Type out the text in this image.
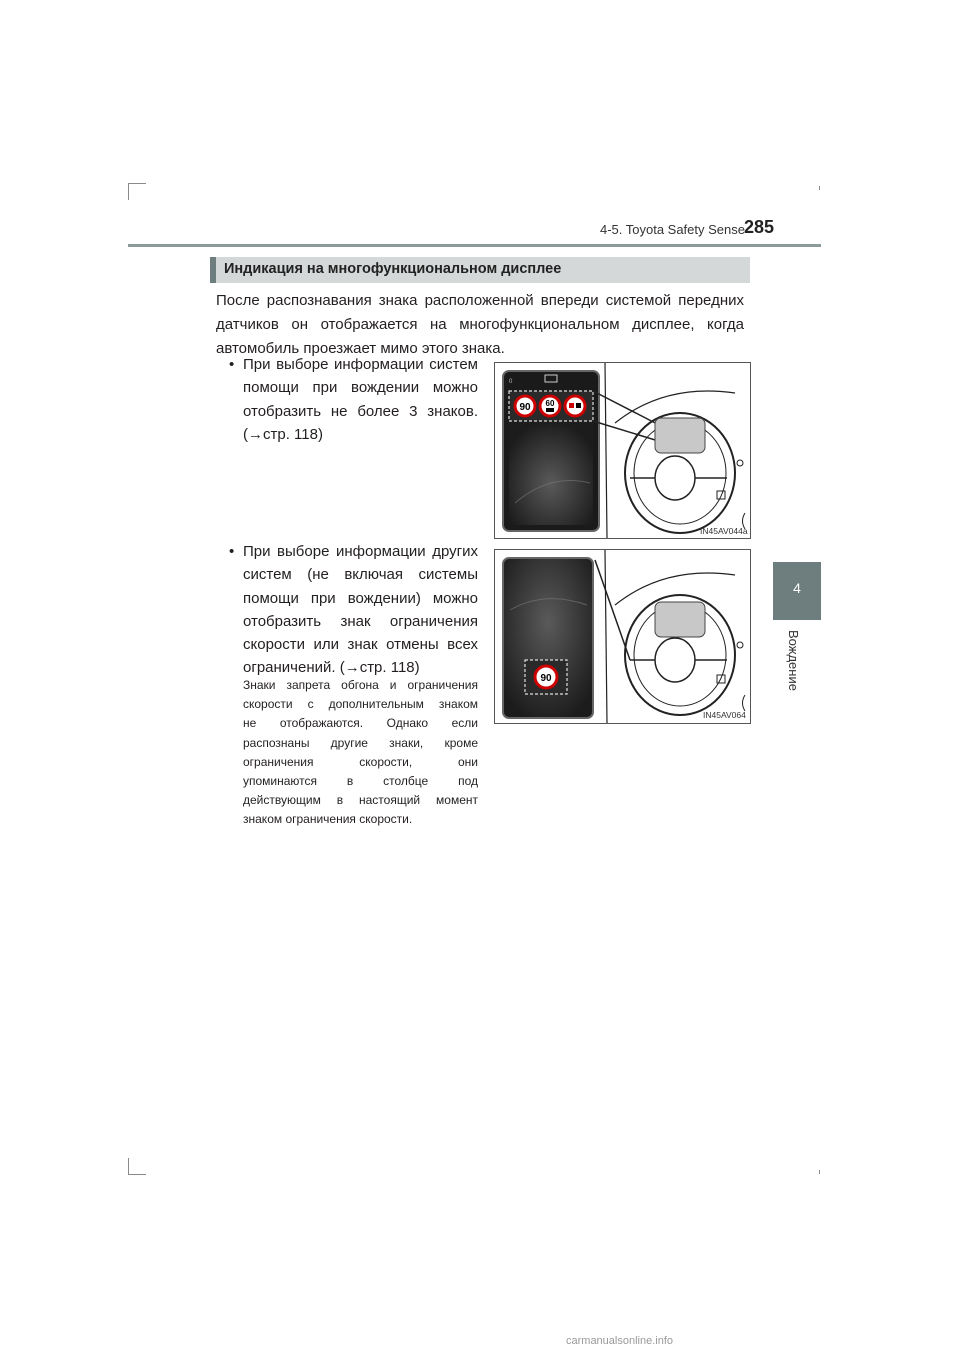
4-5. Toyota Safety Sense 285
4
Вождение
Индикация на многофункциональном дисплее
После распознавания знака расположенной впереди системой передних
датчиков он отображается на многофункциональном дисплее, когда
автомобиль проезжает мимо этого знака.
• При выборе информации систем
помощи при вождении можно
отобразить не более 3 знаков.
(→стр. 118)
• При выборе информации других
систем (не включая системы
помощи при вождении) можно
отобразить знак ограничения
скорости или знак отмены всех
ограничений. (→стр. 118)
Знаки запрета обгона и ограничения
скорости с дополнительным знаком
не отображаются. Однако если
распознаны другие знаки, кроме
ограничения скорости, они
упоминаются в столбце под
действующим в настоящий момент
знаком ограничения скорости.
0
90 60
IN45AV044a
90
IN45AV064
carmanualsonline.info
